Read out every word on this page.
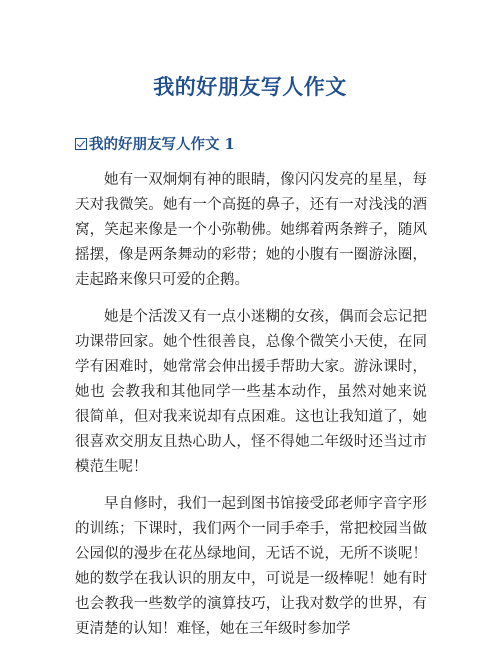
我的好朋友写人作文
我的好朋友写人作文 1

她有一双炯炯有神的眼睛，像闪闪发亮的星星，每天对我微笑。她有一个高挺的鼻子，还有一对浅浅的酒窝，笑起来像是一个小弥勒佛。她绑着两条辫子，随风摇摆，像是两条舞动的彩带；她的小腹有一圈游泳圈，走起路来像只可爱的企鹅。

她是个活泼又有一点小迷糊的女孩，偶而会忘记把功课带回家。她个性很善良，总像个微笑小天使，在同学有困难时，她常常会伸出援手帮助大家。游泳课时，她也 会教我和其他同学一些基本动作，虽然对她来说很简单，但对我来说却有点困难。这也让我知道了，她很喜欢交朋友且热心助人，怪不得她二年级时还当过市模范生呢！

早自修时，我们一起到图书馆接受邱老师字音字形的训练；下课时，我们两个一同手牵手，常把校园当做公园似的漫步在花丛绿地间，无话不说，无所不谈呢！她的数学在我认识的朋友中，可说是一级棒呢！她有时也会教我一些数学的演算技巧，让我对数学的世界，有更清楚的认知！难怪，她在三年级时参加学
